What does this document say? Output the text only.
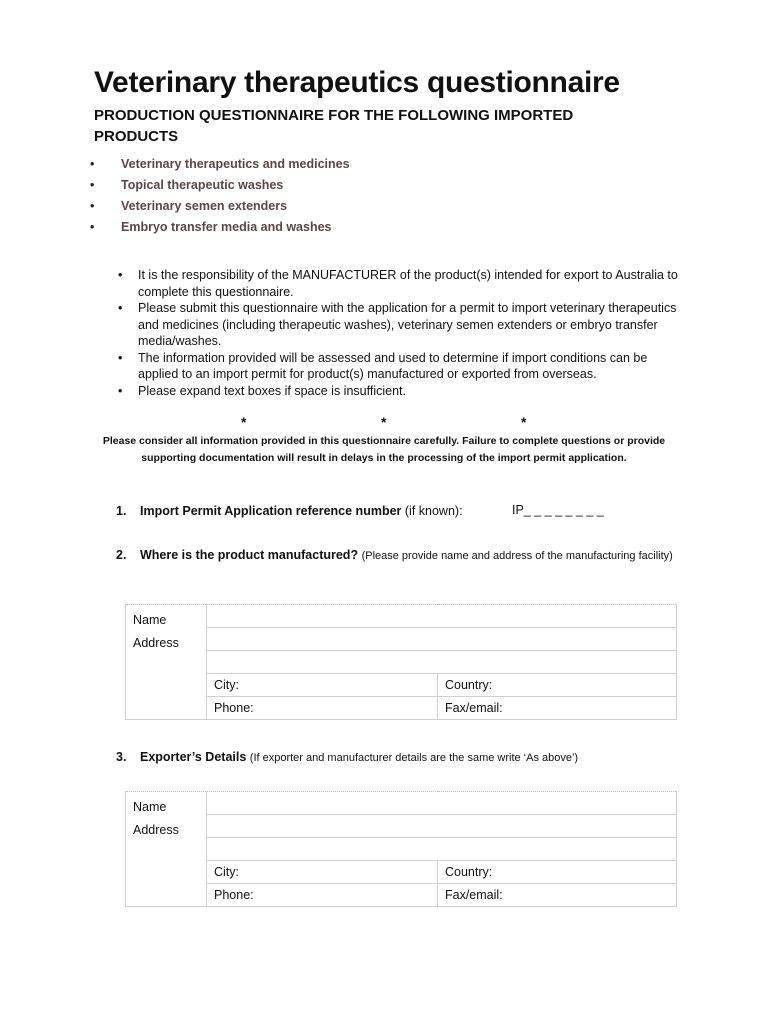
Veterinary therapeutics questionnaire
PRODUCTION QUESTIONNAIRE FOR THE FOLLOWING IMPORTED PRODUCTS
• Veterinary therapeutics and medicines
• Topical therapeutic washes
• Veterinary semen extenders
• Embryo transfer media and washes
• It is the responsibility of the MANUFACTURER of the product(s) intended for export to Australia to complete this questionnaire.
• Please submit this questionnaire with the application for a permit to import veterinary therapeutics and medicines (including therapeutic washes), veterinary semen extenders or embryo transfer media/washes.
• The information provided will be assessed and used to determine if import conditions can be applied to an import permit for product(s) manufactured or exported from overseas.
• Please expand text boxes if space is insufficient.
*	*	*
Please consider all information provided in this questionnaire carefully. Failure to complete questions or provide supporting documentation will result in delays in the processing of the import permit application.
1. Import Permit Application reference number (if known):	IP_ _ _ _ _ _ _ _
2. Where is the product manufactured? (Please provide name and address of the manufacturing facility)
Name
Address		

	City:	Country:
	Phone:	Fax/email:
3. Exporter’s Details (If exporter and manufacturer details are the same write ‘As above’)
Name
Address		

	City:	Country:
	Phone:	Fax/email:
